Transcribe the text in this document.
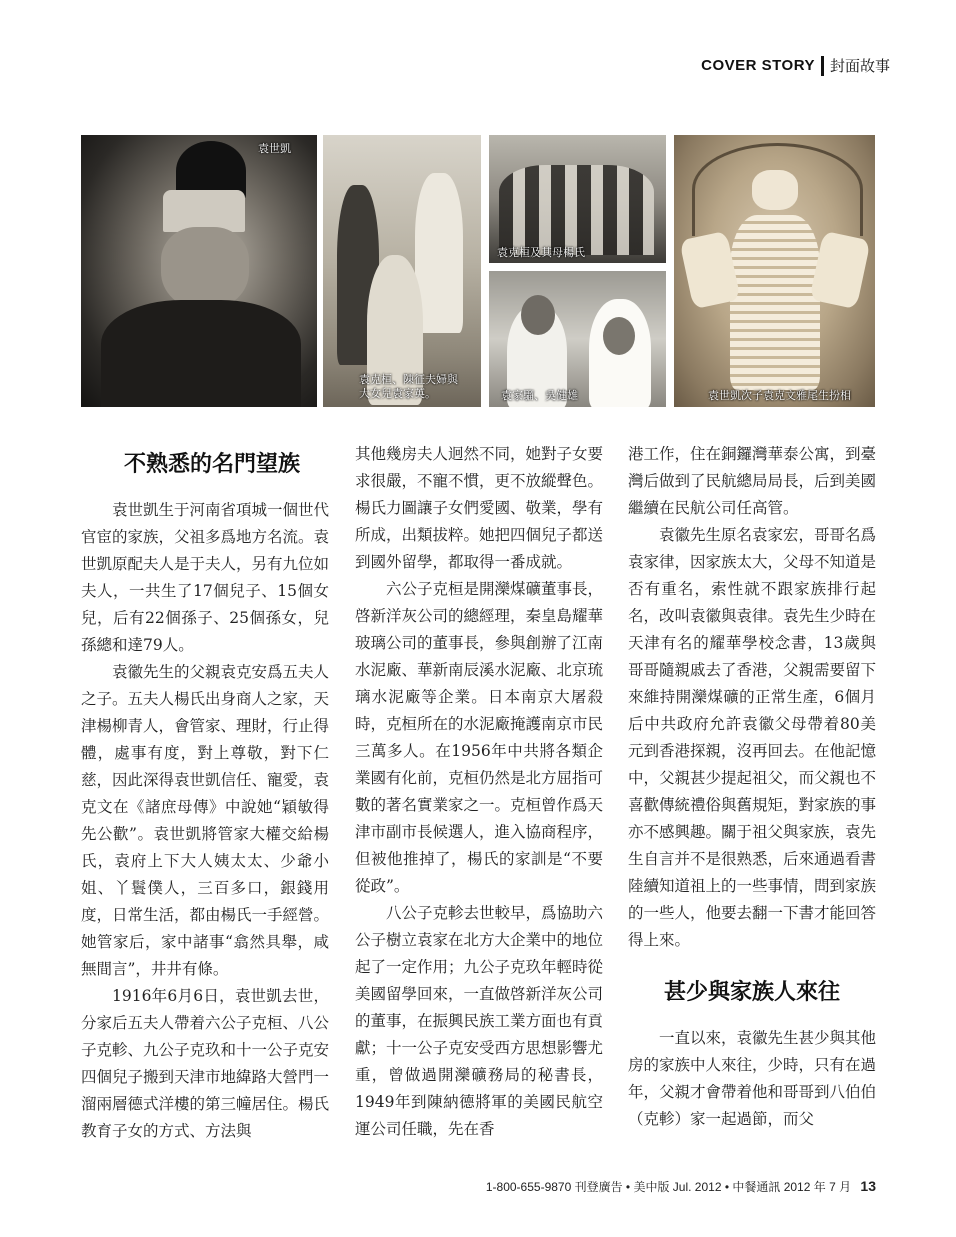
COVER STORY 封面故事
袁世凱
袁克桓、陳征夫婦與
大女兒袁家英。
袁克桓及其母楊氏
袁家騮、吳健雄	袁世凱次子袁克文雅尾生扮相
不熟悉的名門望族

袁世凱生于河南省項城一個世代官宦的家族，父祖多爲地方名流。袁世凱原配夫人是于夫人，另有九位如夫人，一共生了17個兒子、15個女兒，后有22個孫子、25個孫女，兒孫總和達79人。

袁徽先生的父親袁克安爲五夫人之子。五夫人楊氏出身商人之家，天津楊柳青人，會管家、理財，行止得體，處事有度，對上尊敬，對下仁慈，因此深得袁世凱信任、寵愛，袁克文在《諸庶母傳》中說她“穎敏得先公歡”。袁世凱將管家大權交給楊氏，袁府上下大人姨太太、少爺小姐、丫鬟僕人，三百多口，銀錢用度，日常生活，都由楊氏一手經營。她管家后，家中諸事“翕然具舉，咸無間言”，井井有條。

1916年6月6日，袁世凱去世，分家后五夫人帶着六公子克桓、八公子克軫、九公子克玖和十一公子克安四個兒子搬到天津市地緯路大營門一溜兩層德式洋樓的第三幢居住。楊氏教育子女的方式、方法與

其他幾房夫人迥然不同，她對子女要求很嚴，不寵不慣，更不放縱聲色。楊氏力圖讓子女們愛國、敬業，學有所成，出類拔粹。她把四個兒子都送到國外留學，都取得一番成就。

六公子克桓是開灤煤礦董事長，啓新洋灰公司的總經理，秦皇島耀華玻璃公司的董事長，參與創辦了江南水泥廠、華新南辰溪水泥廠、北京琉璃水泥廠等企業。日本南京大屠殺時，克桓所在的水泥廠掩護南京市民三萬多人。在1956年中共將各類企業國有化前，克桓仍然是北方屈指可數的著名實業家之一。克桓曾作爲天津市副市長候選人，進入協商程序，但被他推掉了，楊氏的家訓是“不要從政”。

八公子克軫去世較早，爲協助六公子樹立袁家在北方大企業中的地位起了一定作用；九公子克玖年輕時從美國留學回來，一直做啓新洋灰公司的董事，在振興民族工業方面也有貢獻；十一公子克安受西方思想影響尤重，曾做過開灤礦務局的秘書長，1949年到陳納德將軍的美國民航空運公司任職，先在香

港工作，住在銅鑼灣華泰公寓，到臺灣后做到了民航總局局長，后到美國繼續在民航公司任高管。

袁徽先生原名袁家宏，哥哥名爲袁家律，因家族太大，父母不知道是否有重名，索性就不跟家族排行起名，改叫袁徽與袁律。袁先生少時在天津有名的耀華學校念書，13歲與哥哥隨親戚去了香港，父親需要留下來維持開灤煤礦的正常生產，6個月后中共政府允許袁徽父母帶着80美元到香港探親，沒再回去。在他記憶中，父親甚少提起祖父，而父親也不喜歡傳統禮俗與舊規矩，對家族的事亦不感興趣。關于祖父與家族，袁先生自言并不是很熟悉，后來通過看書陸續知道祖上的一些事情，問到家族的一些人，他要去翻一下書才能回答得上來。

甚少與家族人來往

一直以來，袁徽先生甚少與其他房的家族中人來往，少時，只有在過年，父親才會帶着他和哥哥到八伯伯（克軫）家一起過節，而父

1-800-655-9870 刊登廣告 • 美中版 Jul. 2012 • 中餐通訊 2012 年 7 月 13
